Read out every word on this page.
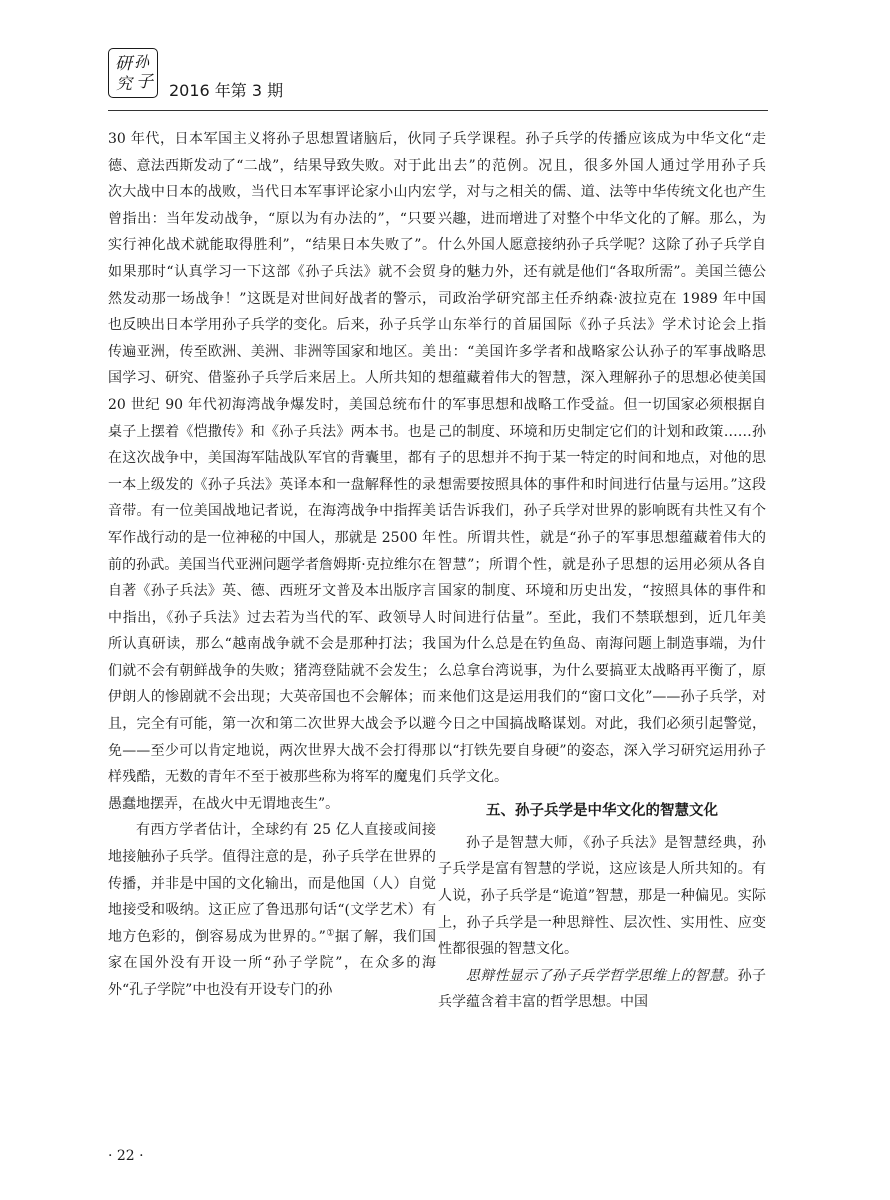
研 孙
究 子 2016 年第 3 期

30 年代，日本军国主义将孙子思想置诸脑后，伙同德、意法西斯发动了“二战”，结果导致失败。对于此次大战中日本的战败，当代日本军事评论家小山内宏曾指出：当年发动战争，“原以为有办法的”，“只要实行神化战术就能取得胜利”，“结果日本失败了”。如果那时“认真学习一下这部《孙子兵法》就不会贸然发动那一场战争！”这既是对世间好战者的警示，也反映出日本学用孙子兵学的变化。后来，孙子兵学传遍亚洲，传至欧洲、美洲、非洲等国家和地区。美国学习、研究、借鉴孙子兵学后来居上。人所共知的 20 世纪 90 年代初海湾战争爆发时，美国总统布什桌子上摆着《恺撒传》和《孙子兵法》两本书。也是在这次战争中，美国海军陆战队军官的背囊里，都有一本上级发的《孙子兵法》英译本和一盘解释性的录音带。有一位美国战地记者说，在海湾战争中指挥美军作战行动的是一位神秘的中国人，那就是 2500 年前的孙武。美国当代亚洲问题学者詹姆斯·克拉维尔在自著《孙子兵法》英、德、西班牙文普及本出版序言中指出，《孙子兵法》过去若为当代的军、政领导人所认真研读，那么“越南战争就不会是那种打法；我们就不会有朝鲜战争的失败；猪湾登陆就不会发生；伊朗人的惨剧就不会出现；大英帝国也不会解体；而且，完全有可能，第一次和第二次世界大战会予以避免——至少可以肯定地说，两次世界大战不会打得那样残酷，无数的青年不至于被那些称为将军的魔鬼们愚蠢地摆弄，在战火中无谓地丧生”。

有西方学者估计，全球约有 25 亿人直接或间接地接触孙子兵学。值得注意的是，孙子兵学在世界的传播，并非是中国的文化输出，而是他国（人）自觉地接受和吸纳。这正应了鲁迅那句话“(文学艺术）有地方色彩的，倒容易成为世界的。”①据了解，我们国家在国外没有开设一所“孙子学院”，在众多的海外“孔子学院”中也没有开设专门的孙

子兵学课程。孙子兵学的传播应该成为中华文化“走出去”的范例。况且，很多外国人通过学用孙子兵学，对与之相关的儒、道、法等中华传统文化也产生兴趣，进而增进了对整个中华文化的了解。那么，为什么外国人愿意接纳孙子兵学呢？这除了孙子兵学自身的魅力外，还有就是他们“各取所需”。美国兰德公司政治学研究部主任乔纳森·波拉克在 1989 年中国山东举行的首届国际《孙子兵法》学术讨论会上指出：“美国许多学者和战略家公认孙子的军事战略思想蕴藏着伟大的智慧，深入理解孙子的思想必使美国的军事思想和战略工作受益。但一切国家必须根据自己的制度、环境和历史制定它们的计划和政策……孙子的思想并不拘于某一特定的时间和地点，对他的思想需要按照具体的事件和时间进行估量与运用。”这段话告诉我们，孙子兵学对世界的影响既有共性又有个性。所谓共性，就是“孙子的军事思想蕴藏着伟大的智慧”；所谓个性，就是孙子思想的运用必须从各自国家的制度、环境和历史出发，“按照具体的事件和时间进行估量”。至此，我们不禁联想到，近几年美国为什么总是在钓鱼岛、南海问题上制造事端，为什么总拿台湾说事，为什么要搞亚太战略再平衡了，原来他们这是运用我们的“窗口文化”——孙子兵学，对今日之中国搞战略谋划。对此，我们必须引起警觉，以“打铁先要自身硬”的姿态，深入学习研究运用孙子兵学文化。

五、孙子兵学是中华文化的智慧文化

孙子是智慧大师，《孙子兵法》是智慧经典，孙子兵学是富有智慧的学说，这应该是人所共知的。有人说，孙子兵学是“诡道”智慧，那是一种偏见。实际上，孙子兵学是一种思辩性、层次性、实用性、应变性都很强的智慧文化。

思辩性显示了孙子兵学哲学思维上的智慧。孙子兵学蕴含着丰富的哲学思想。中国

· 22 ·
